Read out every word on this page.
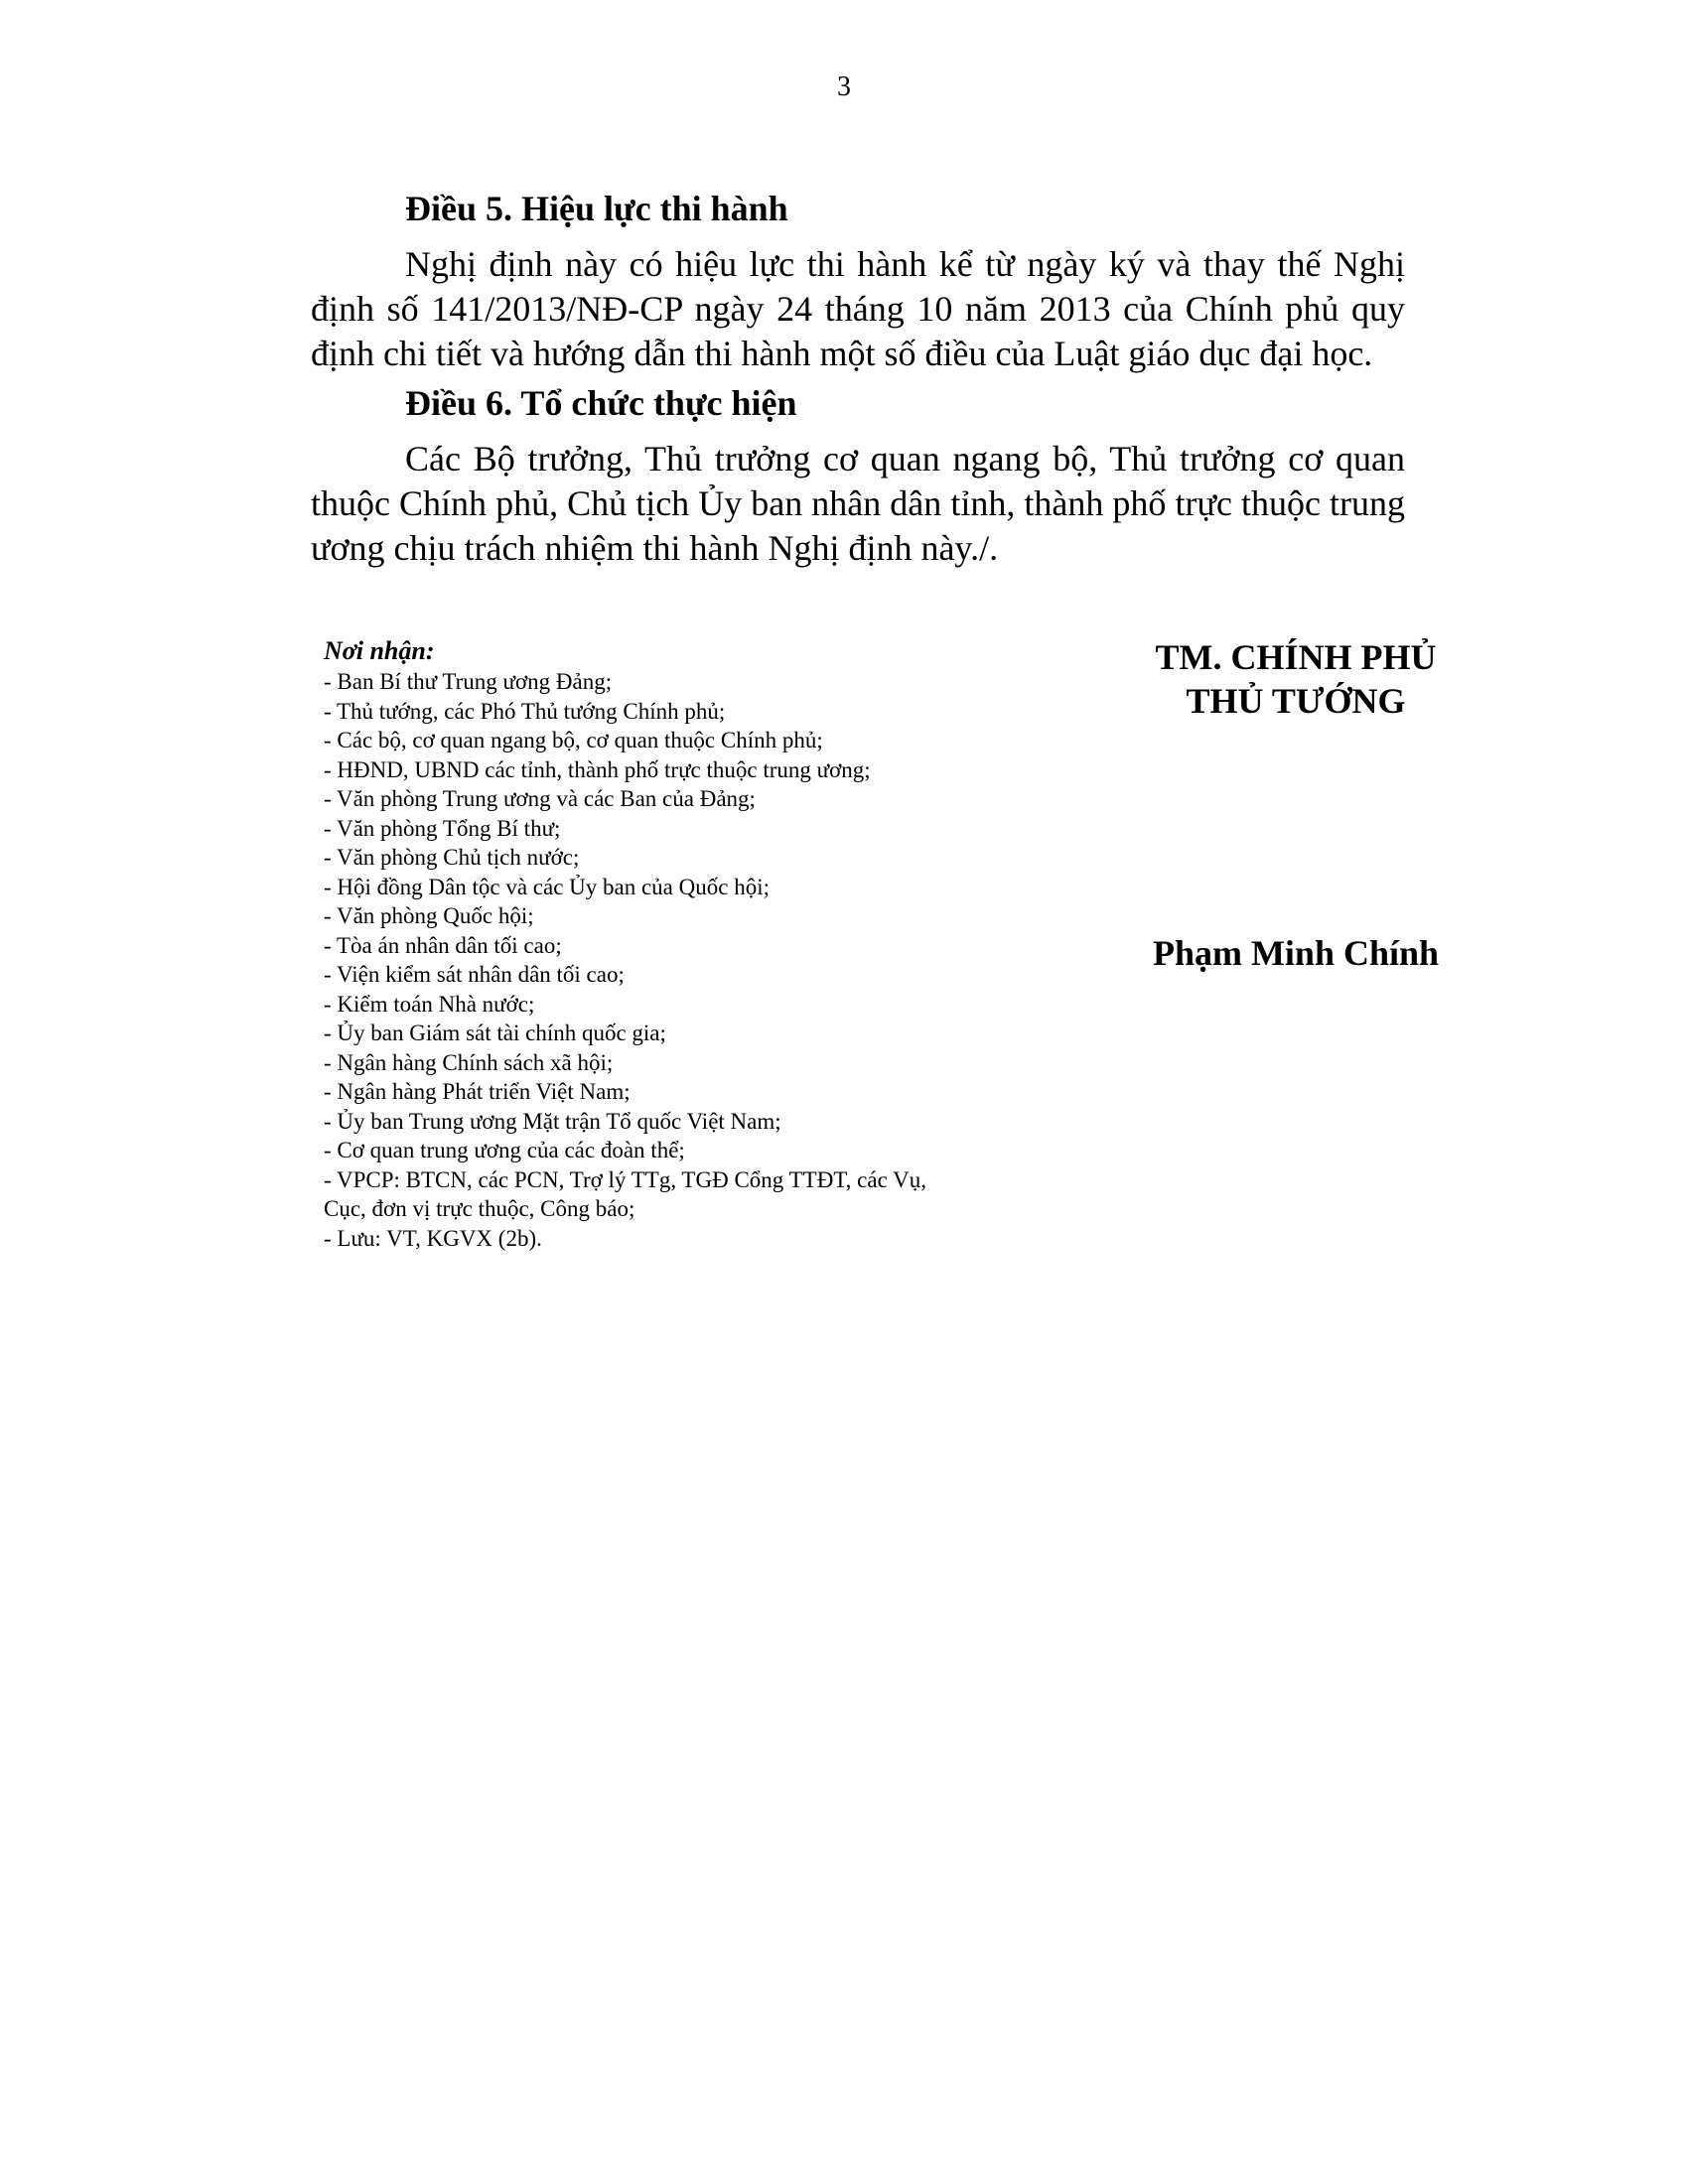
3
Điều 5. Hiệu lực thi hành

Nghị định này có hiệu lực thi hành kể từ ngày ký và thay thế Nghị định số 141/2013/NĐ-CP ngày 24 tháng 10 năm 2013 của Chính phủ quy định chi tiết và hướng dẫn thi hành một số điều của Luật giáo dục đại học.

Điều 6. Tổ chức thực hiện

Các Bộ trưởng, Thủ trưởng cơ quan ngang bộ, Thủ trưởng cơ quan thuộc Chính phủ, Chủ tịch Ủy ban nhân dân tỉnh, thành phố trực thuộc trung ương chịu trách nhiệm thi hành Nghị định này./.

Nơi nhận:
- Ban Bí thư Trung ương Đảng;
- Thủ tướng, các Phó Thủ tướng Chính phủ;
- Các bộ, cơ quan ngang bộ, cơ quan thuộc Chính phủ;
- HĐND, UBND các tỉnh, thành phố trực thuộc trung ương;
- Văn phòng Trung ương và các Ban của Đảng;
- Văn phòng Tổng Bí thư;
- Văn phòng Chủ tịch nước;
- Hội đồng Dân tộc và các Ủy ban của Quốc hội;
- Văn phòng Quốc hội;
- Tòa án nhân dân tối cao;
- Viện kiểm sát nhân dân tối cao;
- Kiểm toán Nhà nước;
- Ủy ban Giám sát tài chính quốc gia;
- Ngân hàng Chính sách xã hội;
- Ngân hàng Phát triển Việt Nam;
- Ủy ban Trung ương Mặt trận Tổ quốc Việt Nam;
- Cơ quan trung ương của các đoàn thể;
- VPCP: BTCN, các PCN, Trợ lý TTg, TGĐ Cổng TTĐT, các Vụ,
Cục, đơn vị trực thuộc, Công báo;
- Lưu: VT, KGVX (2b).
TM. CHÍNH PHỦ
THỦ TƯỚNG
Phạm Minh Chính
